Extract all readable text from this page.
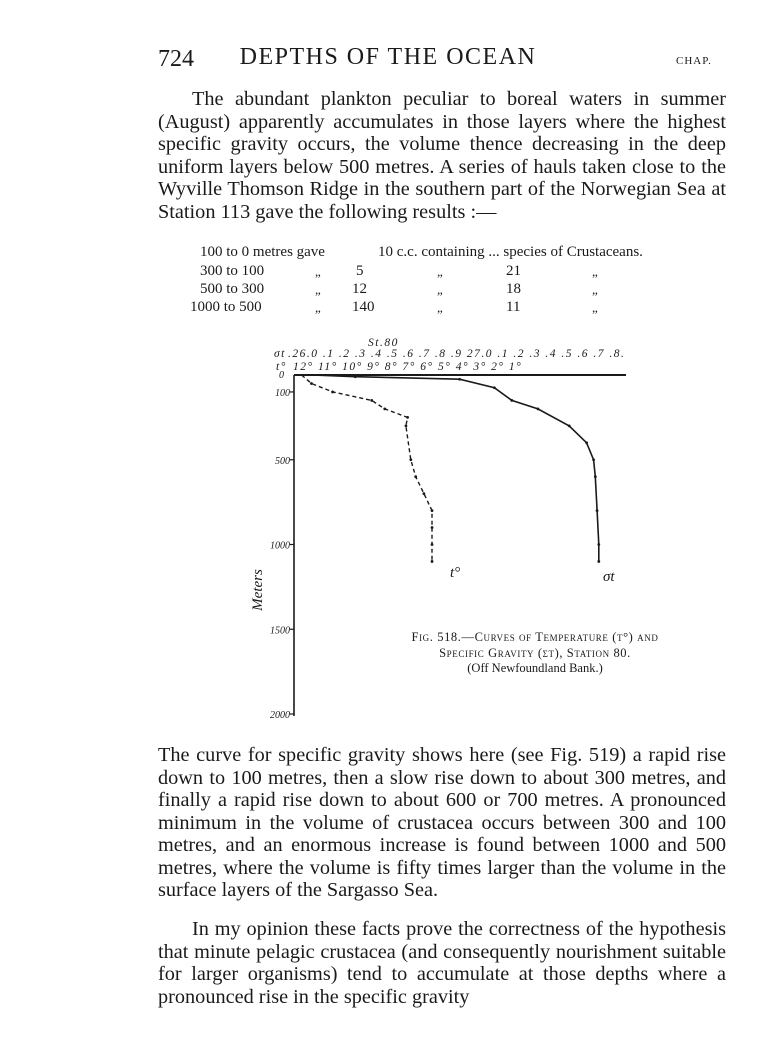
724	DEPTHS OF THE OCEAN	CHAP.

The abundant plankton peculiar to boreal waters in summer (August) apparently accumulates in those layers where the highest specific gravity occurs, the volume thence decreasing in the deep uniform layers below 500 metres. A series of hauls taken close to the Wyville Thomson Ridge in the southern part of the Norwegian Sea at Station 113 gave the following results :—

100 to 0 metres gave	10 c.c. containing ... species of Crustaceans.
300 to 100	„ 5	„	21	„
500 to 300	„ 12	„	18	„
1000 to 500	„ 140	„	11	„
St.80
σt .26.0 .1 .2 .3 .4 .5 .6 .7 .8 .9 27.0 .1 .2 .3 .4 .5 .6 .7 .8.
t° 12° 11° 10° 9° 8° 7° 6° 5° 4° 3° 2° 1°
0
100
500
1000
1500
2000
Meters	t°	σt
Fig. 518.—Curves of Temperature (t°) and
Specific Gravity (σt), Station 80.
(Off Newfoundland Bank.)

The curve for specific gravity shows here (see Fig. 519) a rapid rise down to 100 metres, then a slow rise down to about 300 metres, and finally a rapid rise down to about 600 or 700 metres. A pronounced minimum in the volume of crustacea occurs between 300 and 100 metres, and an enormous increase is found between 1000 and 500 metres, where the volume is fifty times larger than the volume in the surface layers of the Sargasso Sea.

In my opinion these facts prove the correctness of the hypothesis that minute pelagic crustacea (and consequently nourishment suitable for larger organisms) tend to accumulate at those depths where a pronounced rise in the specific gravity
